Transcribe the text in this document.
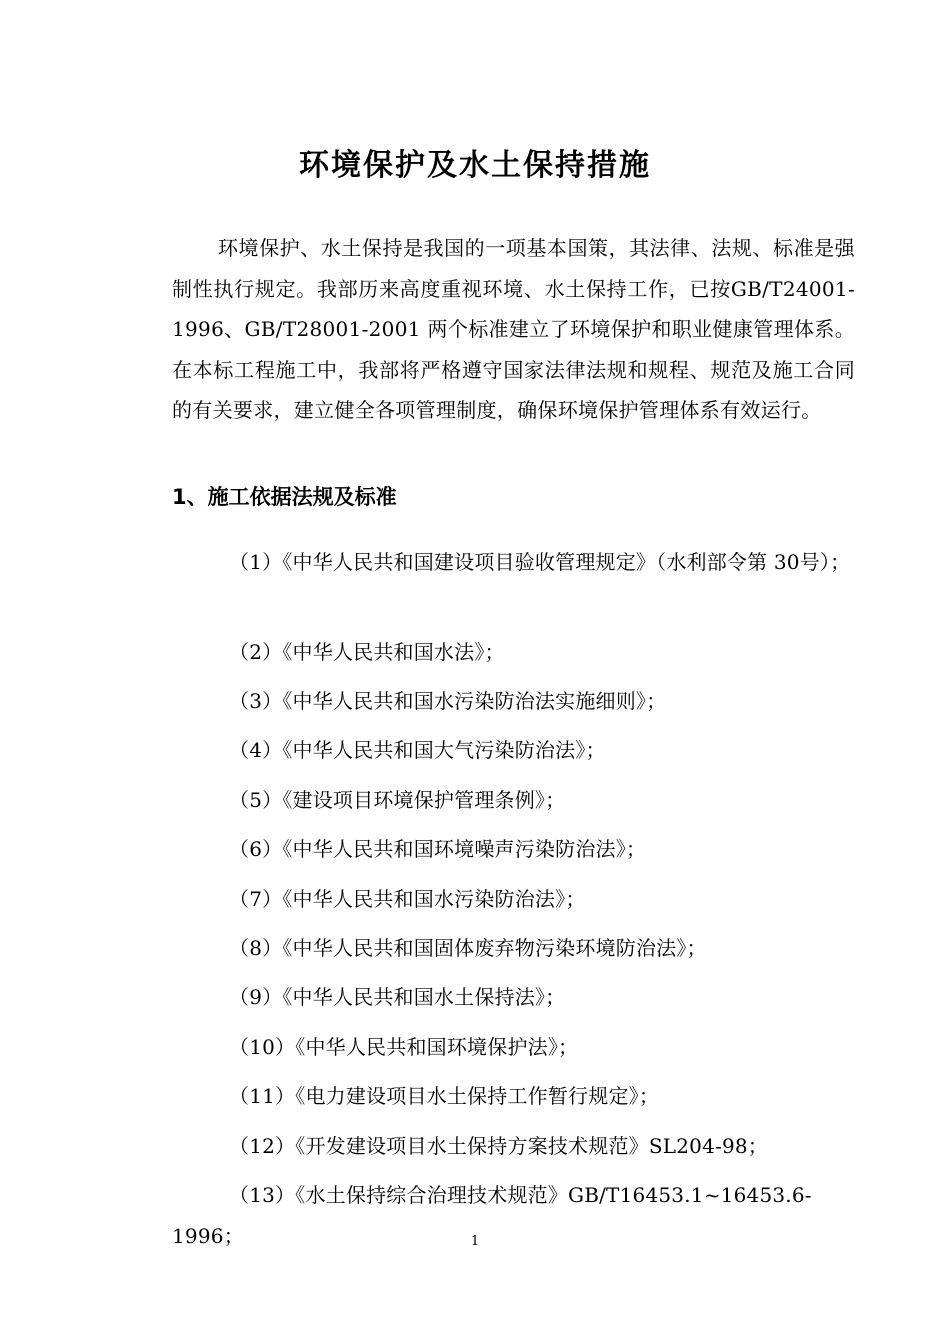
环境保护及水土保持措施

环境保护、水土保持是我国的一项基本国策，其法律、法规、标准是强制性执行规定。我部历来高度重视环境、水土保持工作，已按GB/T24001-1996、GB/T28001-2001 两个标准建立了环境保护和职业健康管理体系。在本标工程施工中，我部将严格遵守国家法律法规和规程、规范及施工合同的有关要求，建立健全各项管理制度，确保环境保护管理体系有效运行。

1、施工依据法规及标准

（1）《中华人民共和国建设项目验收管理规定》（水利部令第 30号）；

（2）《中华人民共和国水法》；

（3）《中华人民共和国水污染防治法实施细则》；

（4）《中华人民共和国大气污染防治法》；

（5）《建设项目环境保护管理条例》；

（6）《中华人民共和国环境噪声污染防治法》；

（7）《中华人民共和国水污染防治法》；

（8）《中华人民共和国固体废弃物污染环境防治法》；

（9）《中华人民共和国水土保持法》；

（10）《中华人民共和国环境保护法》；

（11）《电力建设项目水土保持工作暂行规定》；

（12）《开发建设项目水土保持方案技术规范》SL204-98；

（13）《水土保持综合治理技术规范》GB/T16453.1~16453.6-1996；	1
